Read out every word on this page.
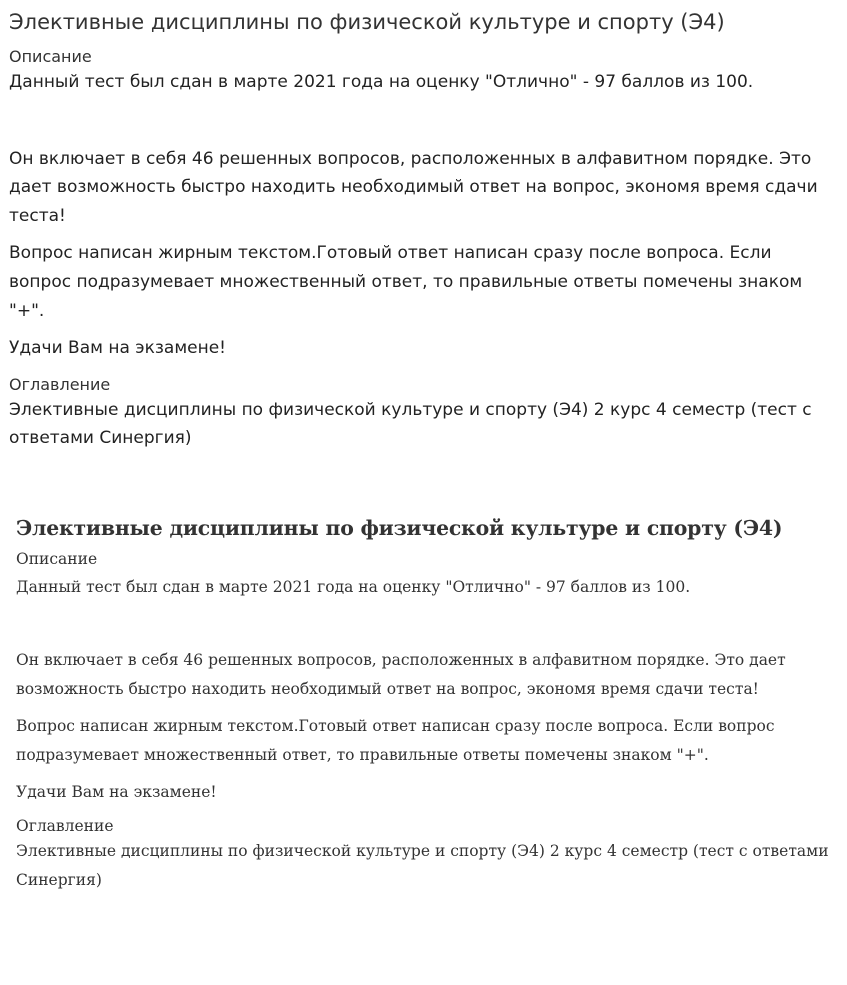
Элективные дисциплины по физической культуре и спорту (Э4)
Описание

Данный тест был сдан в марте 2021 года на оценку "Отлично" - 97 баллов из 100.

Он включает в себя 46 решенных вопросов, расположенных в алфавитном порядке. Это дает возможность быстро находить необходимый ответ на вопрос, экономя время сдачи теста!

Вопрос написан жирным текстом.Готовый ответ написан сразу после вопроса. Если вопрос подразумевает множественный ответ, то правильные ответы помечены знаком "+".

Удачи Вам на экзамене!

Оглавление

Элективные дисциплины по физической культуре и спорту (Э4) 2 курс 4 семестр (тест с ответами Синергия)

Элективные дисциплины по физической культуре и спорту (Э4)
Описание

Данный тест был сдан в марте 2021 года на оценку "Отлично" - 97 баллов из 100.

Он включает в себя 46 решенных вопросов, расположенных в алфавитном порядке. Это дает возможность быстро находить необходимый ответ на вопрос, экономя время сдачи теста!

Вопрос написан жирным текстом.Готовый ответ написан сразу после вопроса. Если вопрос подразумевает множественный ответ, то правильные ответы помечены знаком "+".

Удачи Вам на экзамене!

Оглавление

Элективные дисциплины по физической культуре и спорту (Э4) 2 курс 4 семестр (тест с ответами Синергия)
